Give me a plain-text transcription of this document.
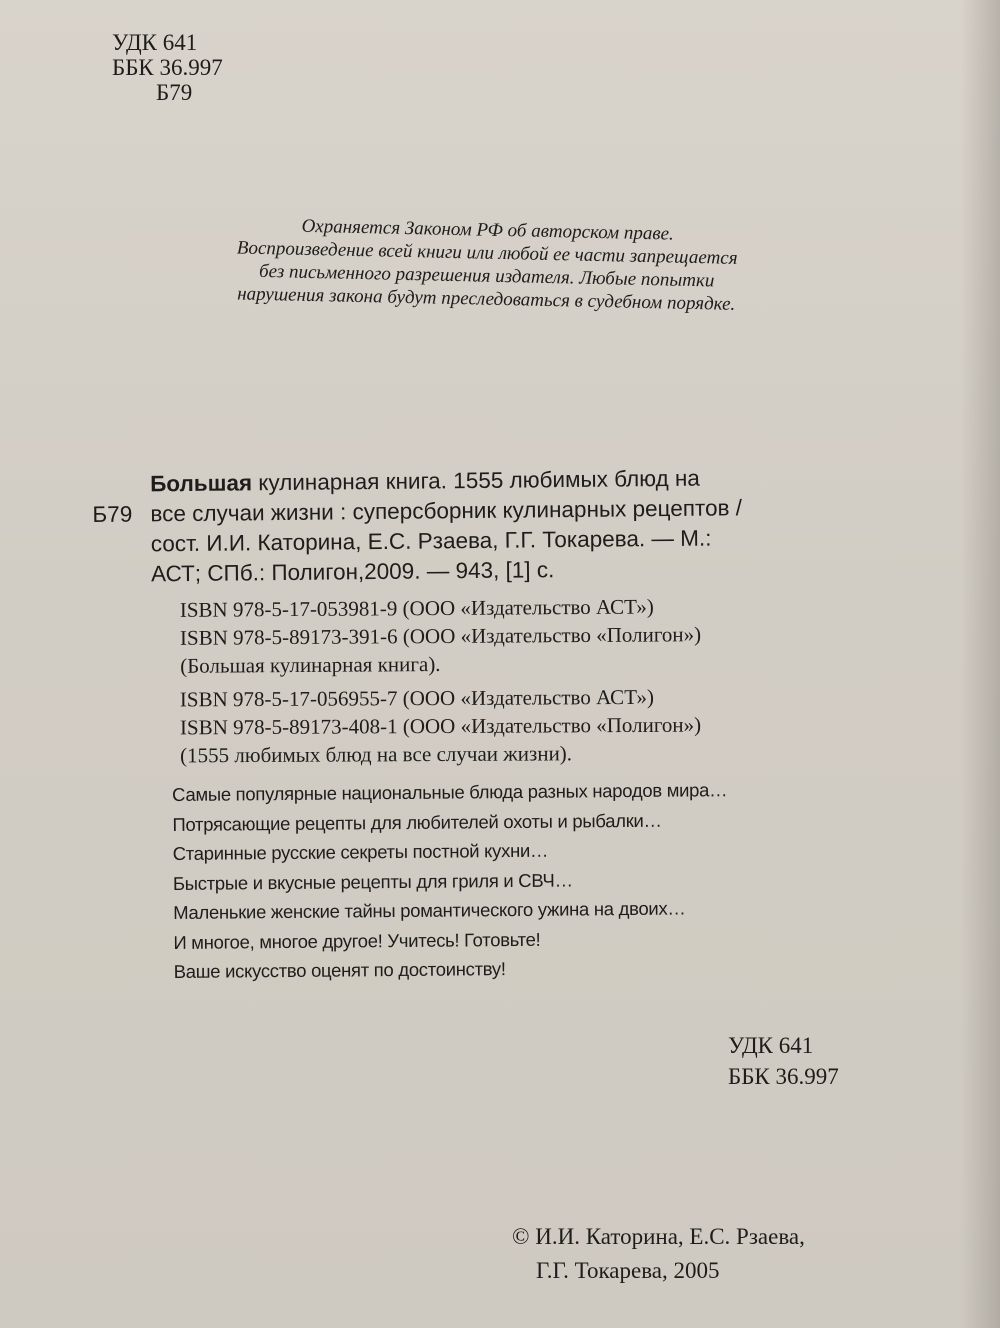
УДК 641
ББК 36.997
Б79
Охраняется Законом РФ об авторском праве.
Воспроизведение всей книги или любой ее части запрещается
без письменного разрешения издателя. Любые попытки
нарушения закона будут преследоваться в судебном порядке.
Большая кулинарная книга. 1555 любимых блюд на
Б79 все случаи жизни : суперсборник кулинарных рецептов /
сост. И.И. Каторина, Е.С. Рзаева, Г.Г. Токарева. — М.:
АСТ; СПб.: Полигон,2009. — 943, [1] с.
ISBN 978-5-17-053981-9 (ООО «Издательство АСТ»)
ISBN 978-5-89173-391-6 (ООО «Издательство «Полигон»)
(Большая кулинарная книга).
ISBN 978-5-17-056955-7 (ООО «Издательство АСТ»)
ISBN 978-5-89173-408-1 (ООО «Издательство «Полигон»)
(1555 любимых блюд на все случаи жизни).
Самые популярные национальные блюда разных народов мира…
Потрясающие рецепты для любителей охоты и рыбалки…
Старинные русские секреты постной кухни…
Быстрые и вкусные рецепты для гриля и СВЧ…
Маленькие женские тайны романтического ужина на двоих…
И многое, многое другое! Учитесь! Готовьте!
Ваше искусство оценят по достоинству!
УДК 641
ББК 36.997
© И.И. Каторина, Е.С. Рзаева,
Г.Г. Токарева, 2005
